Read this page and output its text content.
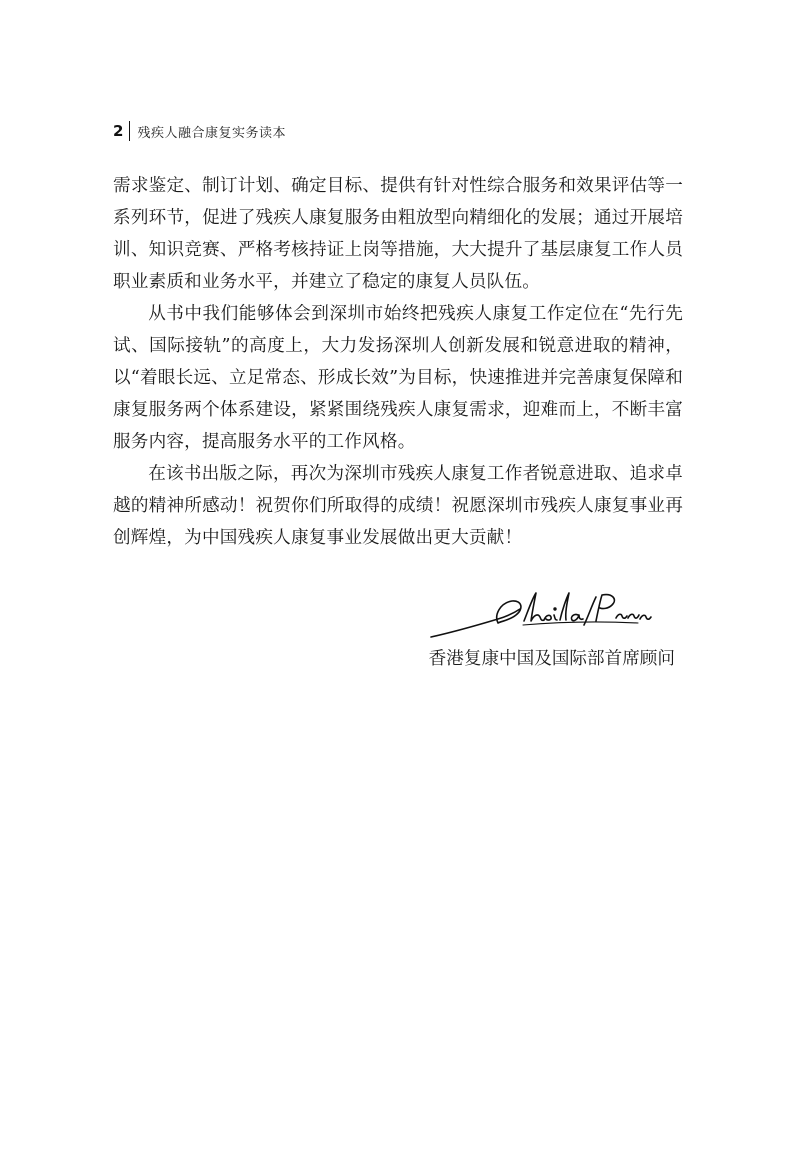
2 残疾人融合康复实务读本

需求鉴定、制订计划、确定目标、提供有针对性综合服务和效果评估等一系列环节，促进了残疾人康复服务由粗放型向精细化的发展；通过开展培训、知识竞赛、严格考核持证上岗等措施，大大提升了基层康复工作人员职业素质和业务水平，并建立了稳定的康复人员队伍。

从书中我们能够体会到深圳市始终把残疾人康复工作定位在“先行先试、国际接轨”的高度上，大力发扬深圳人创新发展和锐意进取的精神，以“着眼长远、立足常态、形成长效”为目标，快速推进并完善康复保障和康复服务两个体系建设，紧紧围绕残疾人康复需求，迎难而上，不断丰富服务内容，提高服务水平的工作风格。

在该书出版之际，再次为深圳市残疾人康复工作者锐意进取、追求卓越的精神所感动！祝贺你们所取得的成绩！祝愿深圳市残疾人康复事业再创辉煌，为中国残疾人康复事业发展做出更大贡献！

香港复康中国及国际部首席顾问
